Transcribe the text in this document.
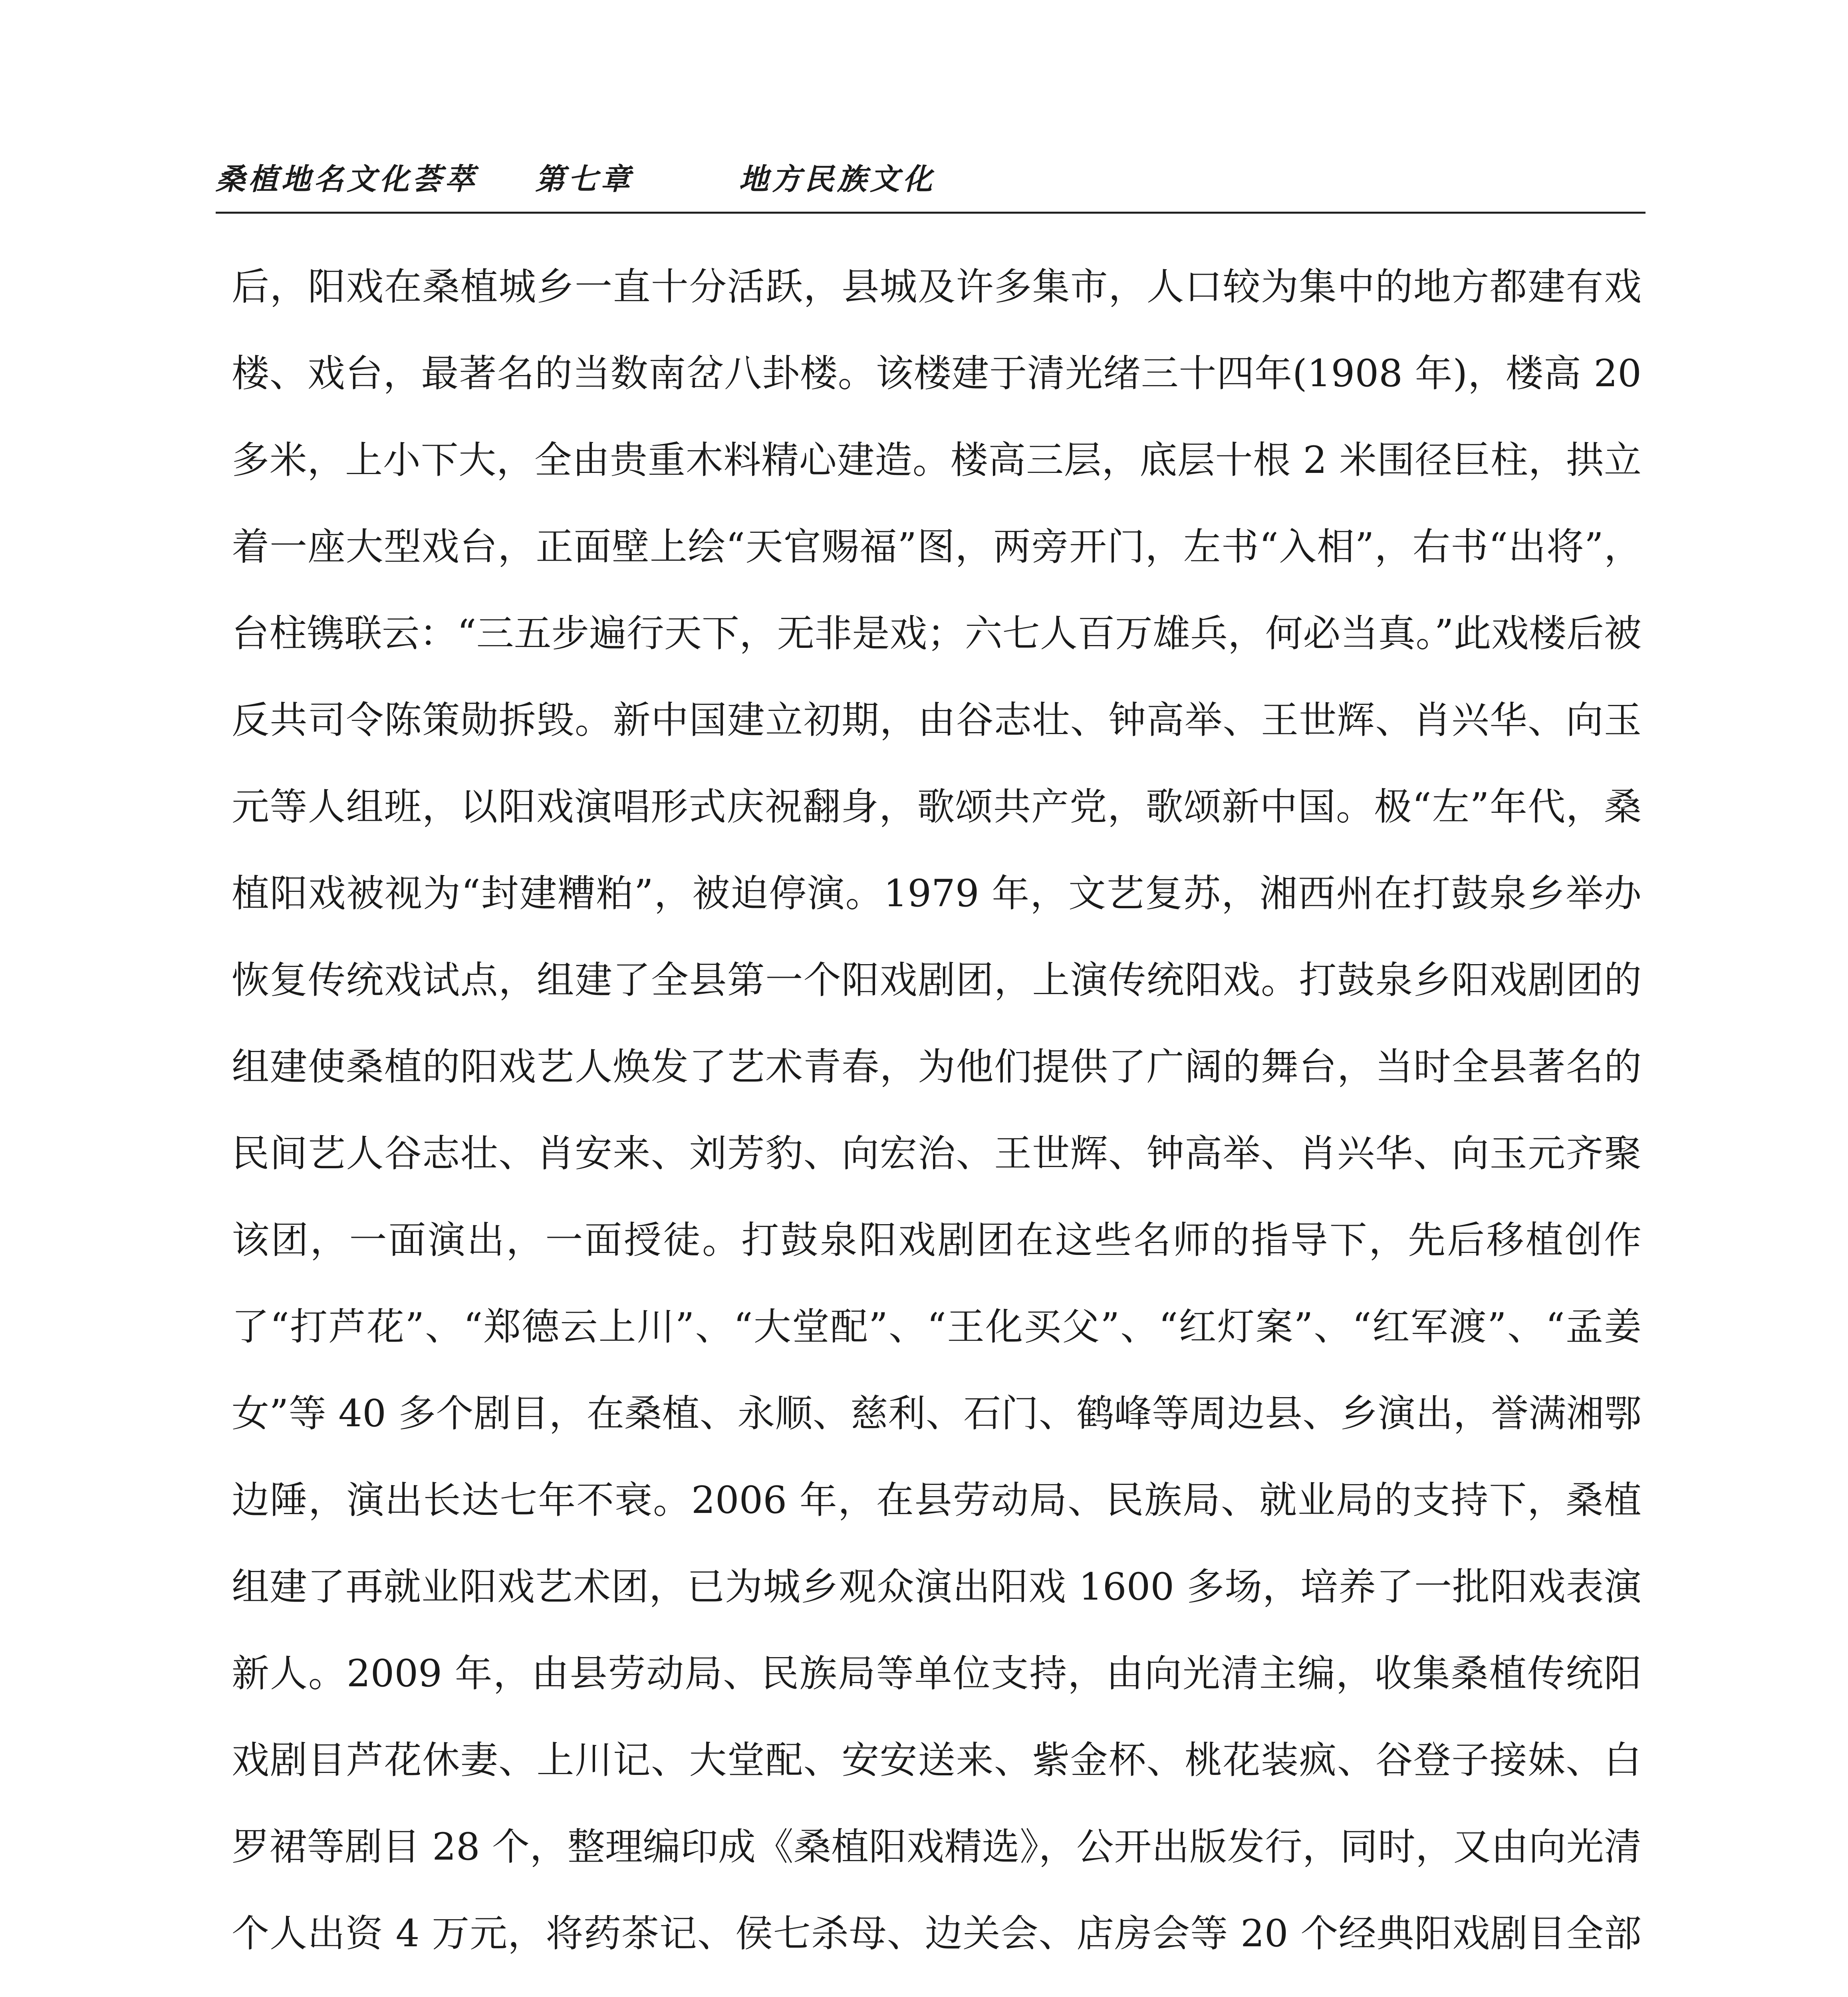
桑植地名文化荟萃 第七章	地方民族文化

后，阳戏在桑植城乡一直十分活跃，县城及许多集市，人口较为集中的地方都建有戏楼、戏台，最著名的当数南岔八卦楼。该楼建于清光绪三十四年(1908 年)，楼高 20 多米，上小下大，全由贵重木料精心建造。楼高三层，底层十根 2 米围径巨柱，拱立着一座大型戏台，正面壁上绘“天官赐福”图，两旁开门，左书“入相”，右书“出将”，台柱镌联云：“三五步遍行天下，无非是戏；六七人百万雄兵，何必当真。”此戏楼后被反共司令陈策勋拆毁。新中国建立初期，由谷志壮、钟高举、王世辉、肖兴华、向玉元等人组班，以阳戏演唱形式庆祝翻身，歌颂共产党，歌颂新中国。极“左”年代，桑植阳戏被视为“封建糟粕”，被迫停演。1979 年，文艺复苏，湘西州在打鼓泉乡举办恢复传统戏试点，组建了全县第一个阳戏剧团，上演传统阳戏。打鼓泉乡阳戏剧团的组建使桑植的阳戏艺人焕发了艺术青春，为他们提供了广阔的舞台，当时全县著名的民间艺人谷志壮、肖安来、刘芳豹、向宏治、王世辉、钟高举、肖兴华、向玉元齐聚该团，一面演出，一面授徒。打鼓泉阳戏剧团在这些名师的指导下，先后移植创作了“打芦花”、“郑德云上川”、“大堂配”、“王化买父”、“红灯案”、“红军渡”、“孟姜女”等 40 多个剧目，在桑植、永顺、慈利、石门、鹤峰等周边县、乡演出，誉满湘鄂边陲，演出长达七年不衰。2006 年，在县劳动局、民族局、就业局的支持下，桑植组建了再就业阳戏艺术团，已为城乡观众演出阳戏 1600 多场，培养了一批阳戏表演新人。2009 年，由县劳动局、民族局等单位支持，由向光清主编，收集桑植传统阳戏剧目芦花休妻、上川记、大堂配、安安送来、紫金杯、桃花装疯、谷登子接妹、白罗裙等剧目 28 个，整理编印成《桑植阳戏精选》，公开出版发行，同时，又由向光清个人出资 4 万元，将药茶记、侯七杀母、边关会、店房会等 20 个经典阳戏剧目全部
